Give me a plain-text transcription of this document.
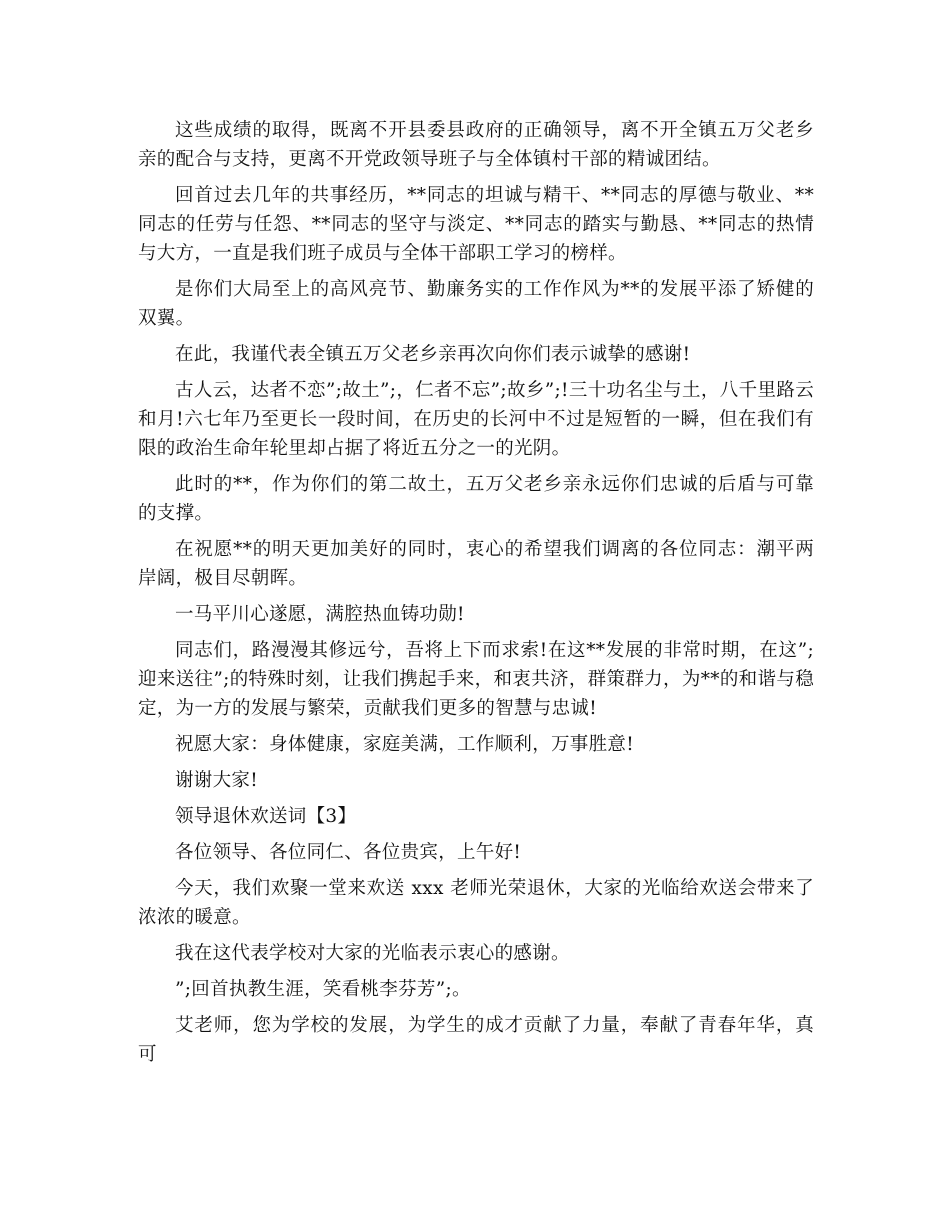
这些成绩的取得，既离不开县委县政府的正确领导，离不开全镇五万父老乡亲的配合与支持，更离不开党政领导班子与全体镇村干部的精诚团结。

回首过去几年的共事经历，**同志的坦诚与精干、**同志的厚德与敬业、**同志的任劳与任怨、**同志的坚守与淡定、**同志的踏实与勤恳、**同志的热情与大方，一直是我们班子成员与全体干部职工学习的榜样。

是你们大局至上的高风亮节、勤廉务实的工作作风为**的发展平添了矫健的双翼。

在此，我谨代表全镇五万父老乡亲再次向你们表示诚挚的感谢!

古人云，达者不恋”;故土”;，仁者不忘”;故乡”;!三十功名尘与土，八千里路云和月!六七年乃至更长一段时间，在历史的长河中不过是短暂的一瞬，但在我们有限的政治生命年轮里却占据了将近五分之一的光阴。

此时的**，作为你们的第二故土，五万父老乡亲永远你们忠诚的后盾与可靠的支撑。

在祝愿**的明天更加美好的同时，衷心的希望我们调离的各位同志：潮平两岸阔，极目尽朝晖。

一马平川心遂愿，满腔热血铸功勋!

同志们，路漫漫其修远兮，吾将上下而求索!在这**发展的非常时期，在这”;迎来送往”;的特殊时刻，让我们携起手来，和衷共济，群策群力，为**的和谐与稳定，为一方的发展与繁荣，贡献我们更多的智慧与忠诚!

祝愿大家：身体健康，家庭美满，工作顺利，万事胜意!

谢谢大家!

领导退休欢送词【3】

各位领导、各位同仁、各位贵宾，上午好!

今天，我们欢聚一堂来欢送 xxx 老师光荣退休，大家的光临给欢送会带来了浓浓的暖意。

我在这代表学校对大家的光临表示衷心的感谢。

”;回首执教生涯，笑看桃李芬芳”;。

艾老师，您为学校的发展，为学生的成才贡献了力量，奉献了青春年华，真可
